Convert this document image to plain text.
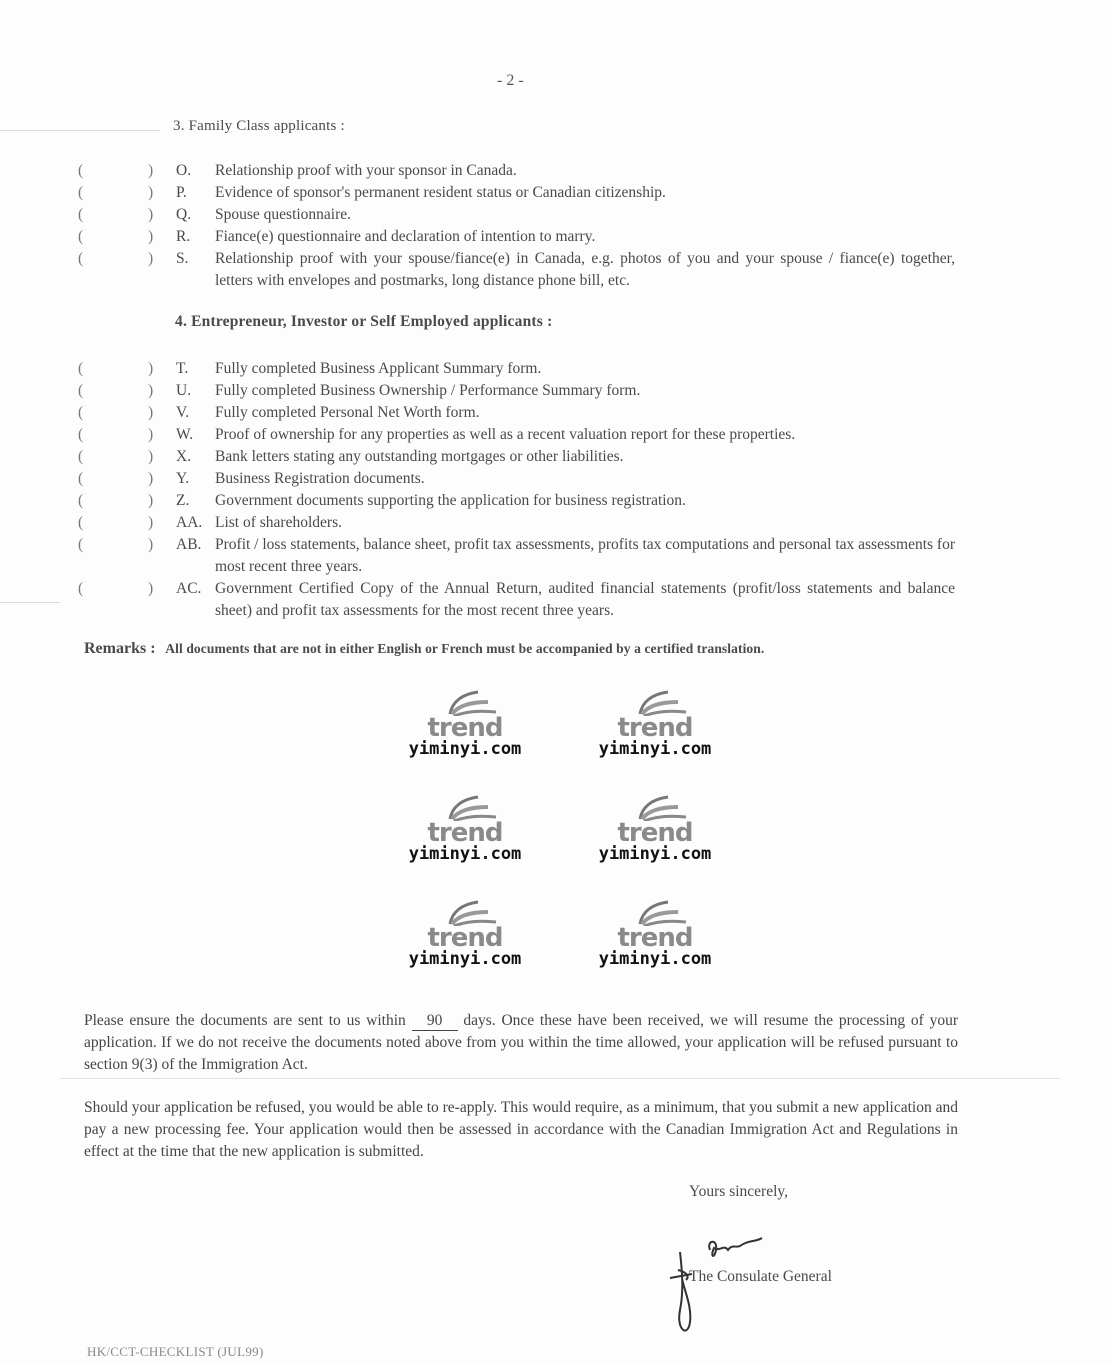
- 2 -
3. Family Class applicants :
(	) O. Relationship proof with your sponsor in Canada.
(	) P. Evidence of sponsor's permanent resident status or Canadian citizenship.
(	) Q. Spouse questionnaire.
(	) R. Fiance(e) questionnaire and declaration of intention to marry.
(	) S. Relationship proof with your spouse/fiance(e) in Canada, e.g. photos of you and your spouse / fiance(e) together, letters with envelopes and postmarks, long distance phone bill, etc.
4. Entrepreneur, Investor or Self Employed applicants :
(	) T. Fully completed Business Applicant Summary form.
(	) U. Fully completed Business Ownership / Performance Summary form.
(	) V. Fully completed Personal Net Worth form.
(	) W. Proof of ownership for any properties as well as a recent valuation report for these properties.
(	) X. Bank letters stating any outstanding mortgages or other liabilities.
(	) Y. Business Registration documents.
(	) Z. Government documents supporting the application for business registration.
(	) AA. List of shareholders.
(	) AB. Profit / loss statements, balance sheet, profit tax assessments, profits tax computations and personal tax assessments for most recent three years.
(	) AC. Government Certified Copy of the Annual Return, audited financial statements (profit/loss statements and balance sheet) and profit tax assessments for the most recent three years.
Remarks : All documents that are not in either English or French must be accompanied by a certified translation.
trend
yiminyi.com
trend
yiminyi.com
trend
yiminyi.com
trend
yiminyi.com
trend
yiminyi.com
trend
yiminyi.com
Please ensure the documents are sent to us within 90 days. Once these have been received, we will resume the processing of your application. If we do not receive the documents noted above from you within the time allowed, your application will be refused pursuant to section 9(3) of the Immigration Act.
Should your application be refused, you would be able to re-apply. This would require, as a minimum, that you submit a new application and pay a new processing fee. Your application would then be assessed in accordance with the Canadian Immigration Act and Regulations in effect at the time that the new application is submitted.
Yours sincerely,
The Consulate General
HK/CCT-CHECKLIST (JUL99)
